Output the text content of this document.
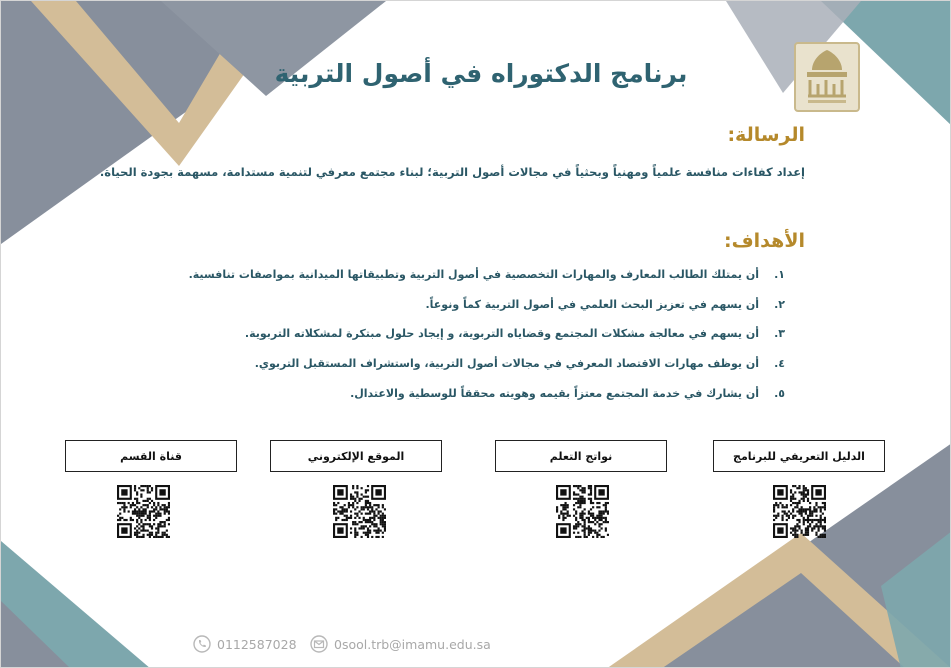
برنامج الدكتوراه في أصول التربية
الرسالة:
إعداد كفاءات منافسة علمياً ومهنياً وبحثياً في مجالات أصول التربية؛ لبناء مجتمع معرفي لتنمية مستدامة، مسهمة بجودة الحياة.
الأهداف:
١.أن يمتلك الطالب المعارف والمهارات التخصصية في أصول التربية وتطبيقاتها الميدانية بمواصفات تنافسية.
٢.أن يسهم في تعزيز البحث العلمي في أصول التربية كماً ونوعاً.
٣.أن يسهم في معالجة مشكلات المجتمع وقضاياه التربوية، و إيجاد حلول مبتكرة لمشكلاته التربوية.
٤.أن يوظف مهارات الاقتصاد المعرفي في مجالات أصول التربية، واستشراف المستقبل التربوي.
٥.أن يشارك في خدمة المجتمع معتزاً بقيمه وهويته محققاً للوسطية والاعتدال.
الدليل التعريفي للبرنامج
نواتج التعلم
الموقع الإلكتروني
قناة القسم
0112587028	0sool.trb@imamu.edu.sa
